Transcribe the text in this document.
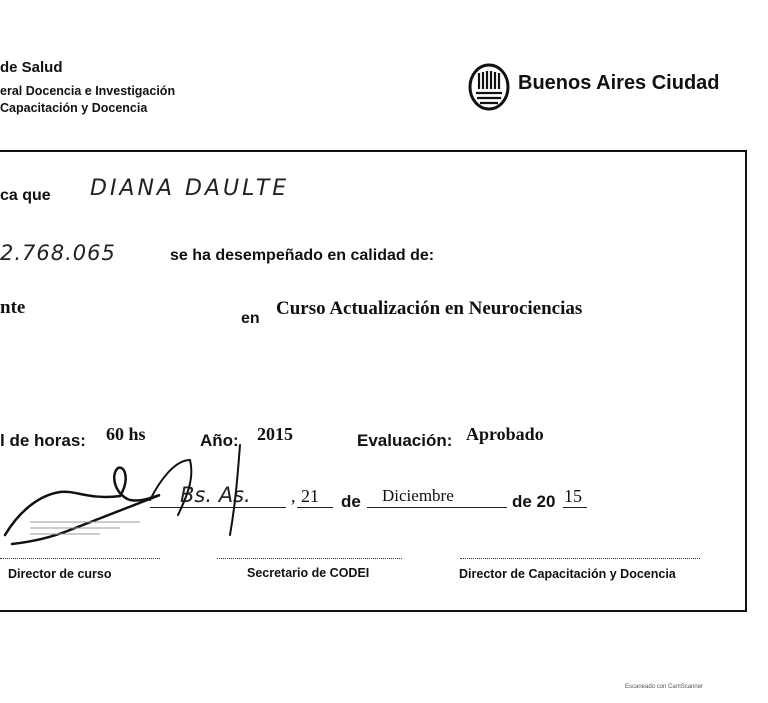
de Salud
eral Docencia e Investigación
Capacitación y Docencia
Buenos Aires Ciudad
ca que DIANA DAULTE
2.768.065	se ha desempeñado en calidad de:
nte
en Curso Actualización en Neurociencias
l de horas: 60 hs	Año: 2015	Evaluación: Aprobado
Bs. As. , 21 de Diciembre	de 20 15
Director de curso	Secretario de CODEI	Director de Capacitación y Docencia
Escaneado con CamScanner
